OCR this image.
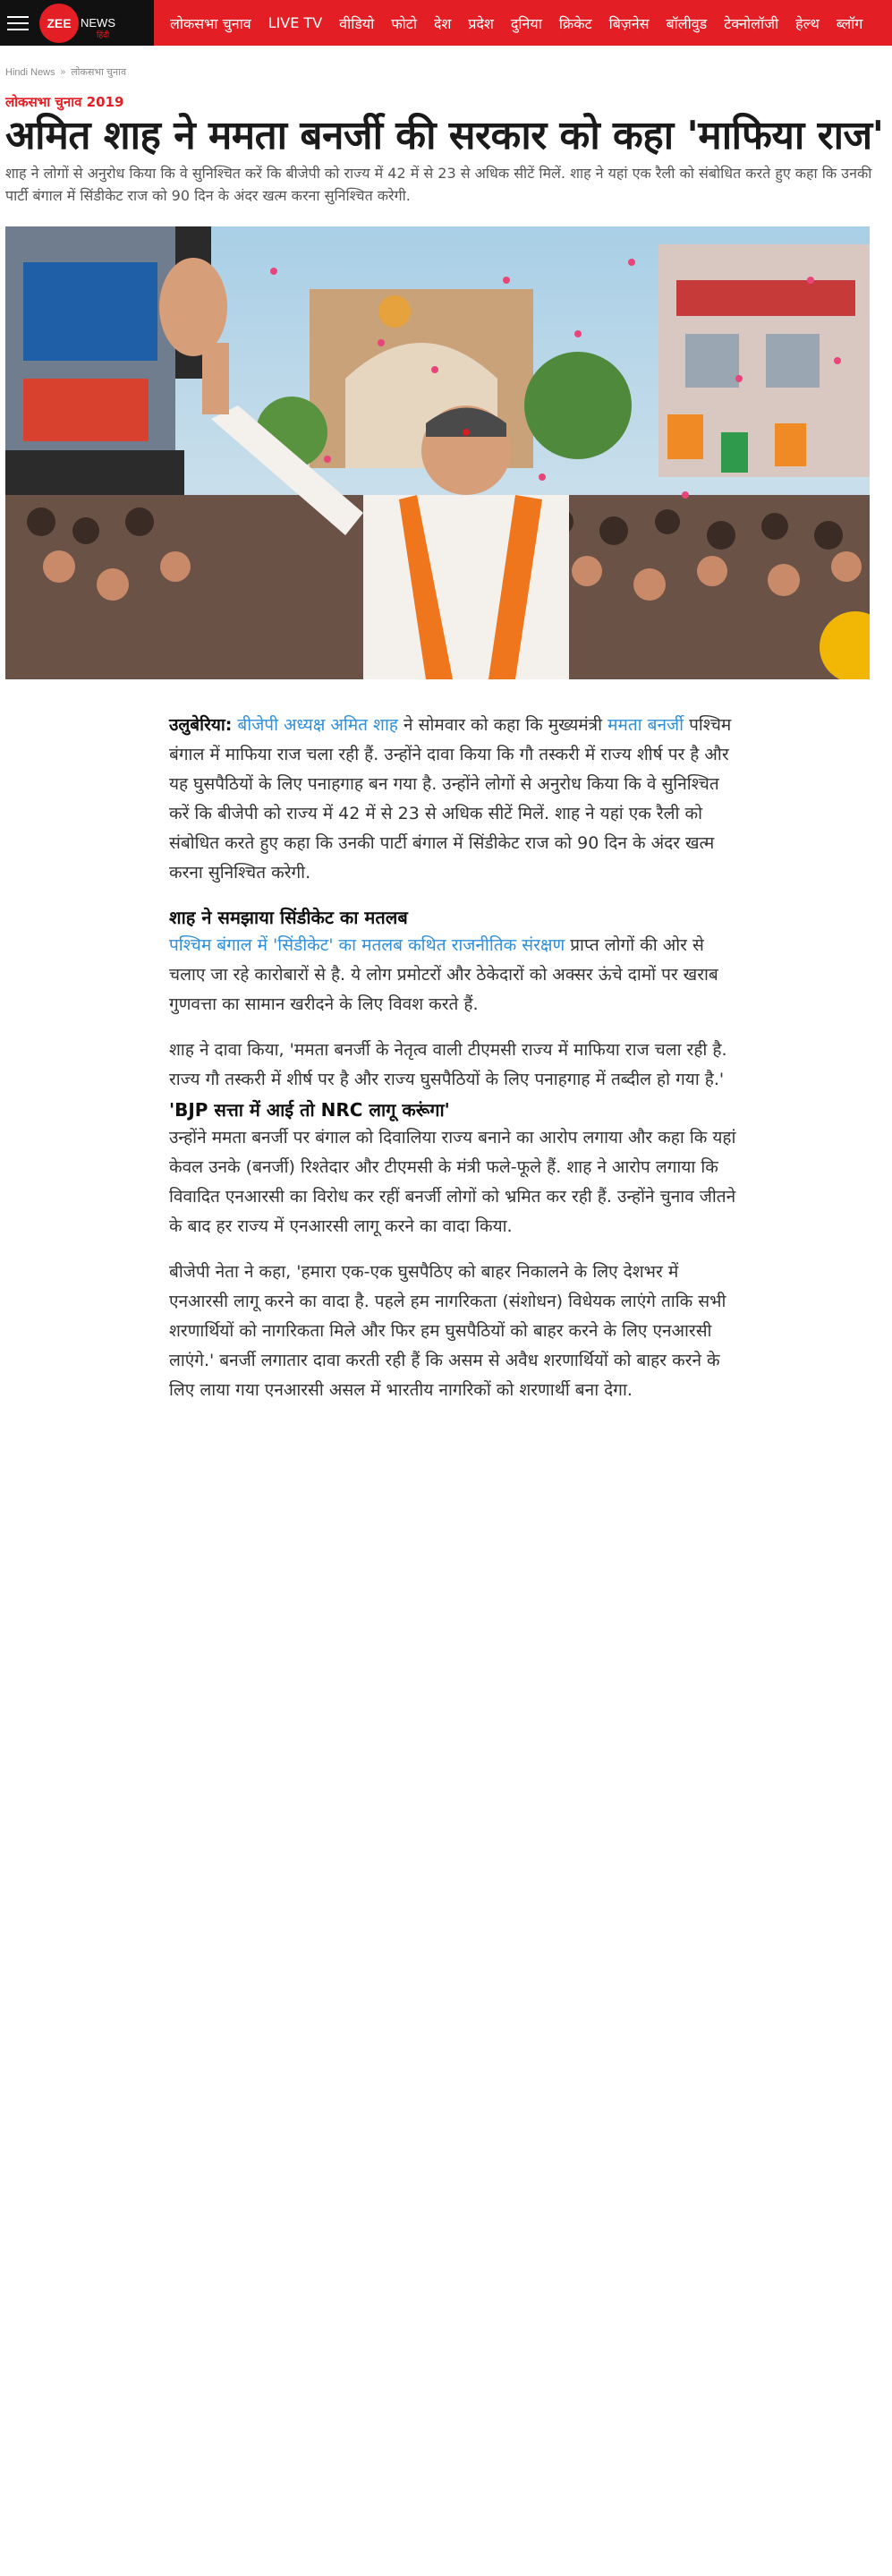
ZEE NEWS
हिंदी
लोकसभा चुनाव LIVE TV वीडियो फोटो देश प्रदेश दुनिया क्रिकेट बिज़नेस बॉलीवुड टेक्नोलॉजी हेल्थ ब्लॉग
Hindi News » लोकसभा चुनाव
लोकसभा चुनाव 2019
अमित शाह ने ममता बनर्जी की सरकार को कहा 'माफिया राज'

शाह ने लोगों से अनुरोध किया कि वे सुनिश्चित करें कि बीजेपी को राज्य में 42 में से 23 से अधिक सीटें मिलें. शाह ने यहां एक रैली को संबोधित करते हुए कहा कि उनकी पार्टी बंगाल में सिंडीकेट राज को 90 दिन के अंदर खत्म करना सुनिश्चित करेगी.

उलुबेरिया: बीजेपी अध्यक्ष अमित शाह ने सोमवार को कहा कि मुख्यमंत्री ममता बनर्जी पश्चिम बंगाल में माफिया राज चला रही हैं. उन्होंने दावा किया कि गौ तस्करी में राज्य शीर्ष पर है और यह घुसपैठियों के लिए पनाहगाह बन गया है. उन्होंने लोगों से अनुरोध किया कि वे सुनिश्चित करें कि बीजेपी को राज्य में 42 में से 23 से अधिक सीटें मिलें. शाह ने यहां एक रैली को संबोधित करते हुए कहा कि उनकी पार्टी बंगाल में सिंडीकेट राज को 90 दिन के अंदर खत्म करना सुनिश्चित करेगी.

शाह ने समझाया सिंडीकेट का मतलब

पश्चिम बंगाल में 'सिंडीकेट' का मतलब कथित राजनीतिक संरक्षण प्राप्त लोगों की ओर से चलाए जा रहे कारोबारों से है. ये लोग प्रमोटरों और ठेकेदारों को अक्सर ऊंचे दामों पर खराब गुणवत्ता का सामान खरीदने के लिए विवश करते हैं.

शाह ने दावा किया, 'ममता बनर्जी के नेतृत्व वाली टीएमसी राज्य में माफिया राज चला रही है. राज्य गौ तस्करी में शीर्ष पर है और राज्य घुसपैठियों के लिए पनाहगाह में तब्दील हो गया है.'

'BJP सत्ता में आई तो NRC लागू करूंगा'

उन्होंने ममता बनर्जी पर बंगाल को दिवालिया राज्य बनाने का आरोप लगाया और कहा कि यहां केवल उनके (बनर्जी) रिश्तेदार और टीएमसी के मंत्री फले-फूले हैं. शाह ने आरोप लगाया कि विवादित एनआरसी का विरोध कर रहीं बनर्जी लोगों को भ्रमित कर रही हैं. उन्होंने चुनाव जीतने के बाद हर राज्य में एनआरसी लागू करने का वादा किया.

बीजेपी नेता ने कहा, 'हमारा एक-एक घुसपैठिए को बाहर निकालने के लिए देशभर में एनआरसी लागू करने का वादा है. पहले हम नागरिकता (संशोधन) विधेयक लाएंगे ताकि सभी शरणार्थियों को नागरिकता मिले और फिर हम घुसपैठियों को बाहर करने के लिए एनआरसी लाएंगे.' बनर्जी लगातार दावा करती रही हैं कि असम से अवैध शरणार्थियों को बाहर करने के लिए लाया गया एनआरसी असल में भारतीय नागरिकों को शरणार्थी बना देगा.
